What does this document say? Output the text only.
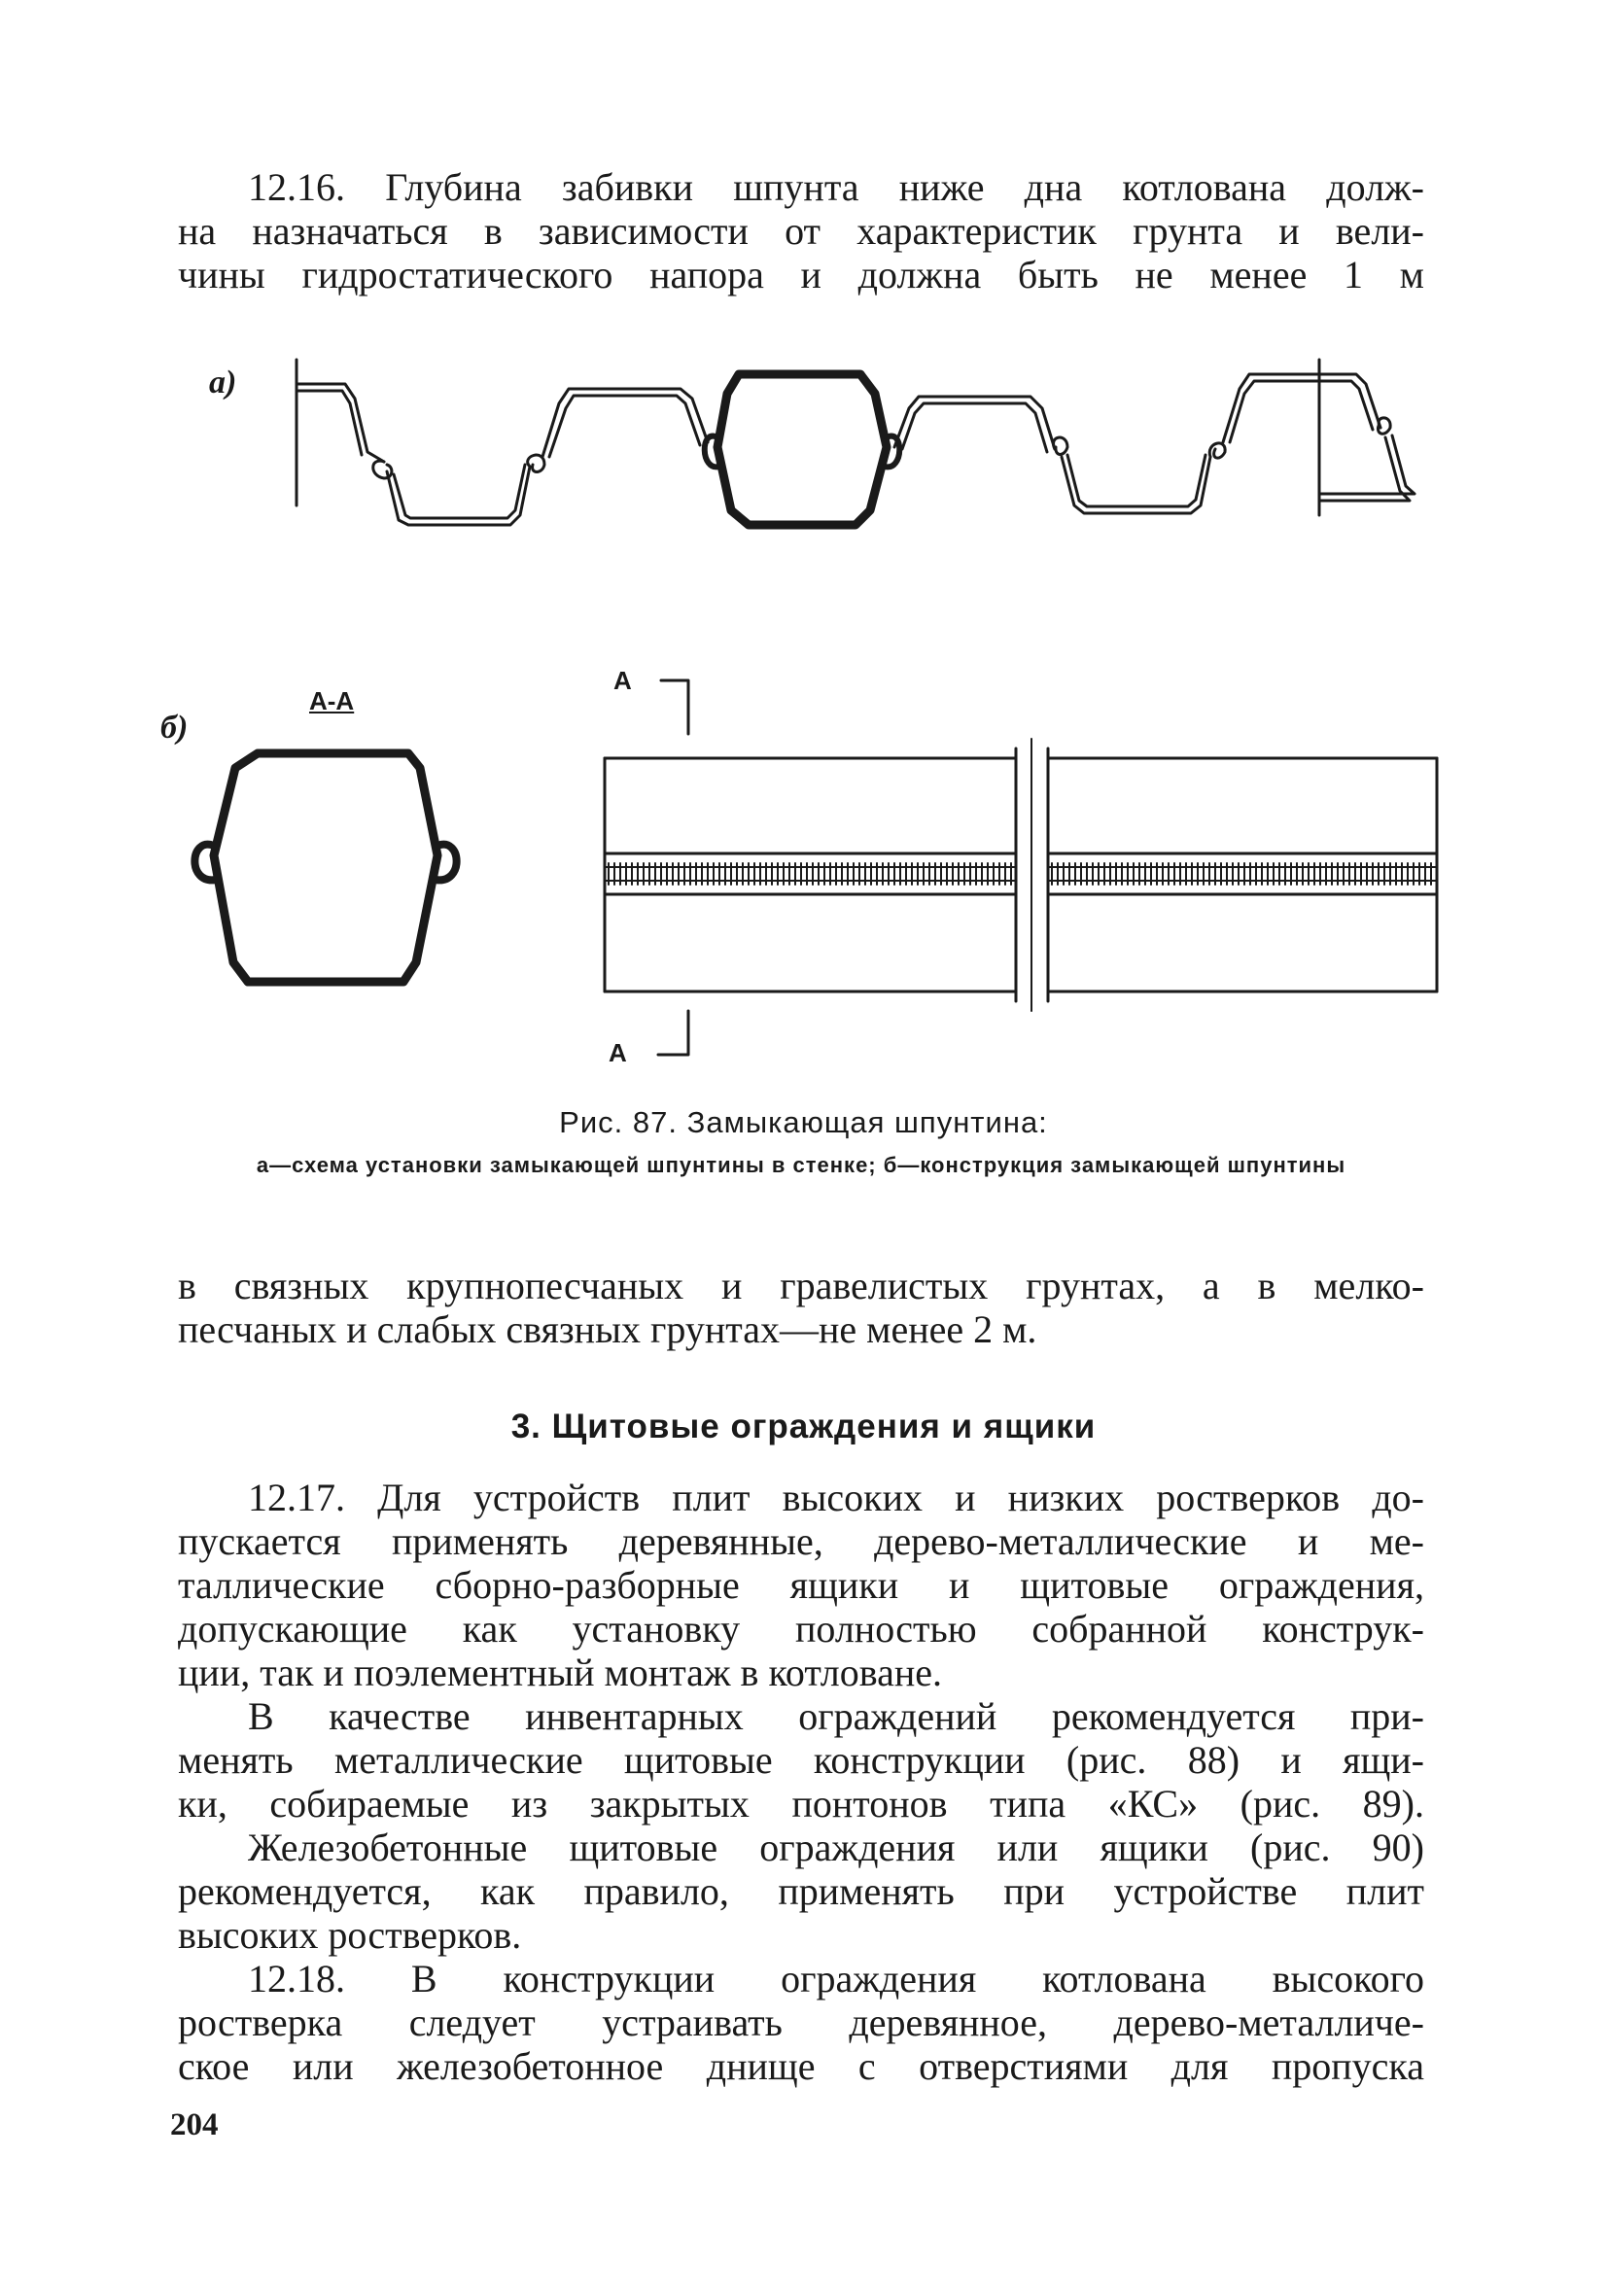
12.16. Глубина забивки шпунта ниже дна котлована долж-
на назначаться в зависимости от характеристик грунта и вели-
чины гидростатического напора и должна быть не менее 1 м

а)
б)
А-А
А
А
Рис. 87. Замыкающая шпунтина:
а—схема установки замыкающей шпунтины в стенке; б—конструкция замыкающей шпунтины

в связных крупнопесчаных и гравелистых грунтах, а в мелко-
песчаных и слабых связных грунтах—не менее 2 м.

3. Щитовые ограждения и ящики

12.17. Для устройств плит высоких и низких ростверков до-
пускается применять деревянные, дерево-металлические и ме-
таллические сборно-разборные ящики и щитовые ограждения,
допускающие как установку полностью собранной конструк-
ции, так и поэлементный монтаж в котловане.

В качестве инвентарных ограждений рекомендуется при-
менять металлические щитовые конструкции (рис. 88) и ящи-
ки, собираемые из закрытых понтонов типа «КС» (рис. 89).

Железобетонные щитовые ограждения или ящики (рис. 90)
рекомендуется, как правило, применять при устройстве плит
высоких ростверков.

12.18. В конструкции ограждения котлована высокого
ростверка следует устраивать деревянное, дерево-металличе-
ское или железобетонное днище с отверстиями для пропуска

204
